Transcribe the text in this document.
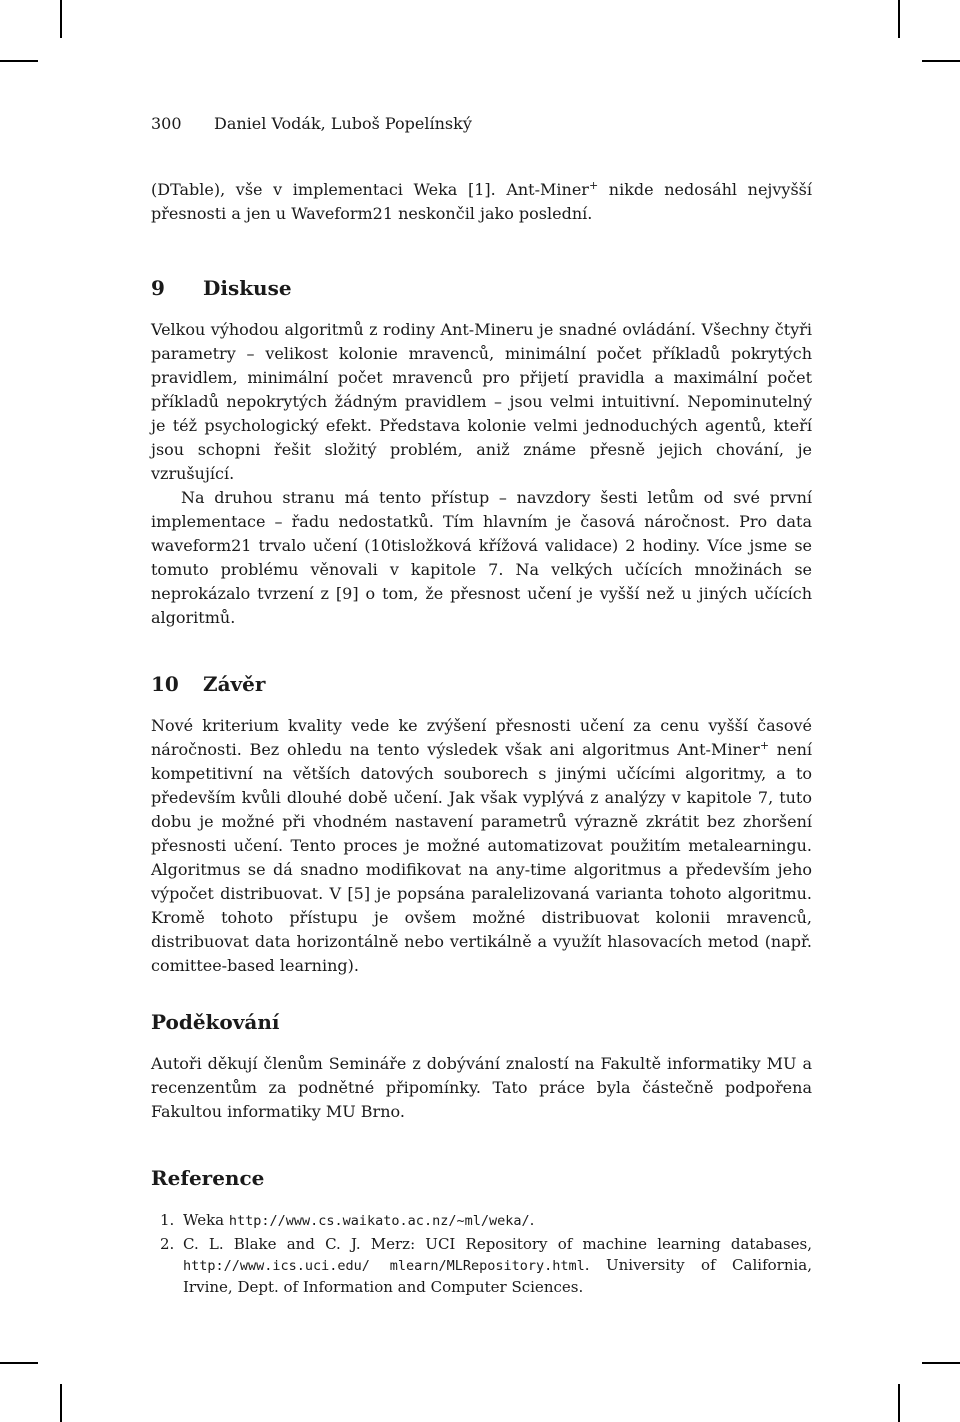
300 Daniel Vodák, Luboš Popelínský

(DTable), vše v implementaci Weka [1]. Ant-Miner+ nikde nedosáhl nejvyšší přesnosti a jen u Waveform21 neskončil jako poslední.

9 Diskuse

Velkou výhodou algoritmů z rodiny Ant-Mineru je snadné ovládání. Všechny čtyři parametry – velikost kolonie mravenců, minimální počet příkladů pokrytých pravidlem, minimální počet mravenců pro přijetí pravidla a maximální počet příkladů nepokrytých žádným pravidlem – jsou velmi intuitivní. Nepominutelný je též psychologický efekt. Představa kolonie velmi jednoduchých agentů, kteří jsou schopni řešit složitý problém, aniž známe přesně jejich chování, je vzrušující.

Na druhou stranu má tento přístup – navzdory šesti letům od své první implementace – řadu nedostatků. Tím hlavním je časová náročnost. Pro data waveform21 trvalo učení (10tisložková křížová validace) 2 hodiny. Více jsme se tomuto problému věnovali v kapitole 7. Na velkých učících množinách se neprokázalo tvrzení z [9] o tom, že přesnost učení je vyšší než u jiných učících algoritmů.

10 Závěr

Nové kriterium kvality vede ke zvýšení přesnosti učení za cenu vyšší časové náročnosti. Bez ohledu na tento výsledek však ani algoritmus Ant-Miner+ není kompetitivní na větších datových souborech s jinými učícími algoritmy, a to především kvůli dlouhé době učení. Jak však vyplývá z analýzy v kapitole 7, tuto dobu je možné při vhodném nastavení parametrů výrazně zkrátit bez zhoršení přesnosti učení. Tento proces je možné automatizovat použitím metalearningu. Algoritmus se dá snadno modifikovat na any-time algoritmus a především jeho výpočet distribuovat. V [5] je popsána paralelizovaná varianta tohoto algoritmu. Kromě tohoto přístupu je ovšem možné distribuovat kolonii mravenců, distribuovat data horizontálně nebo vertikálně a využít hlasovacích metod (např. comittee-based learning).

Poděkování

Autoři děkují členům Semináře z dobývání znalostí na Fakultě informatiky MU a recenzentům za podnětné připomínky. Tato práce byla částečně podpořena Fakultou informatiky MU Brno.

Reference
1. Weka http://www.cs.waikato.ac.nz/~ml/weka/.
2. C. L. Blake and C. J. Merz: UCI Repository of machine learning databases, http://www.ics.uci.edu/ mlearn/MLRepository.html. University of California, Irvine, Dept. of Information and Computer Sciences.
